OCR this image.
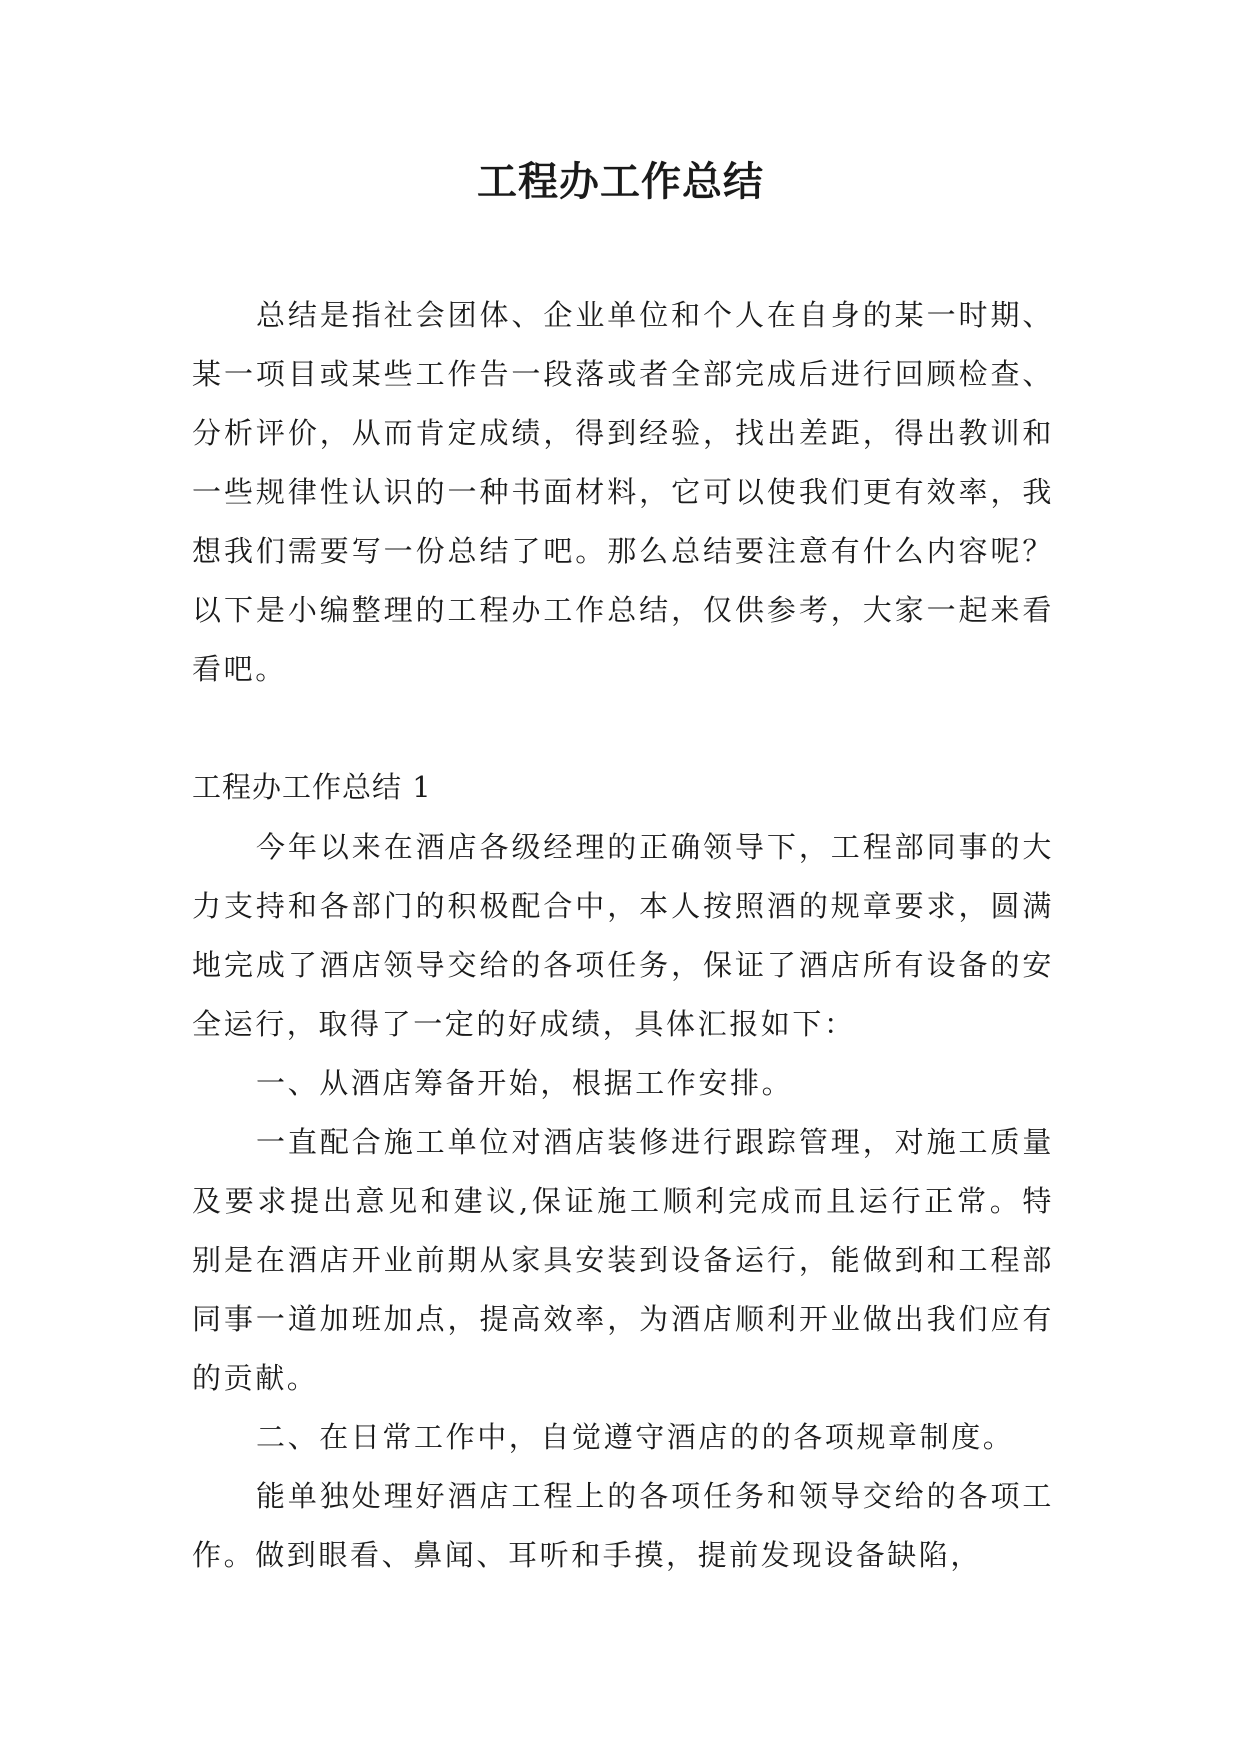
工程办工作总结

总结是指社会团体、企业单位和个人在自身的某一时期、某一项目或某些工作告一段落或者全部完成后进行回顾检查、分析评价，从而肯定成绩，得到经验，找出差距，得出教训和一些规律性认识的一种书面材料，它可以使我们更有效率，我想我们需要写一份总结了吧。那么总结要注意有什么内容呢？以下是小编整理的工程办工作总结，仅供参考，大家一起来看看吧。

工程办工作总结 1

今年以来在酒店各级经理的正确领导下，工程部同事的大力支持和各部门的积极配合中，本人按照酒的规章要求，圆满地完成了酒店领导交给的各项任务，保证了酒店所有设备的安全运行，取得了一定的好成绩，具体汇报如下：

一、从酒店筹备开始，根据工作安排。

一直配合施工单位对酒店装修进行跟踪管理，对施工质量及要求提出意见和建议,保证施工顺利完成而且运行正常。特别是在酒店开业前期从家具安装到设备运行，能做到和工程部同事一道加班加点，提高效率，为酒店顺利开业做出我们应有的贡献。

二、在日常工作中，自觉遵守酒店的的各项规章制度。

能单独处理好酒店工程上的各项任务和领导交给的各项工作。做到眼看、鼻闻、耳听和手摸，提前发现设备缺陷，
